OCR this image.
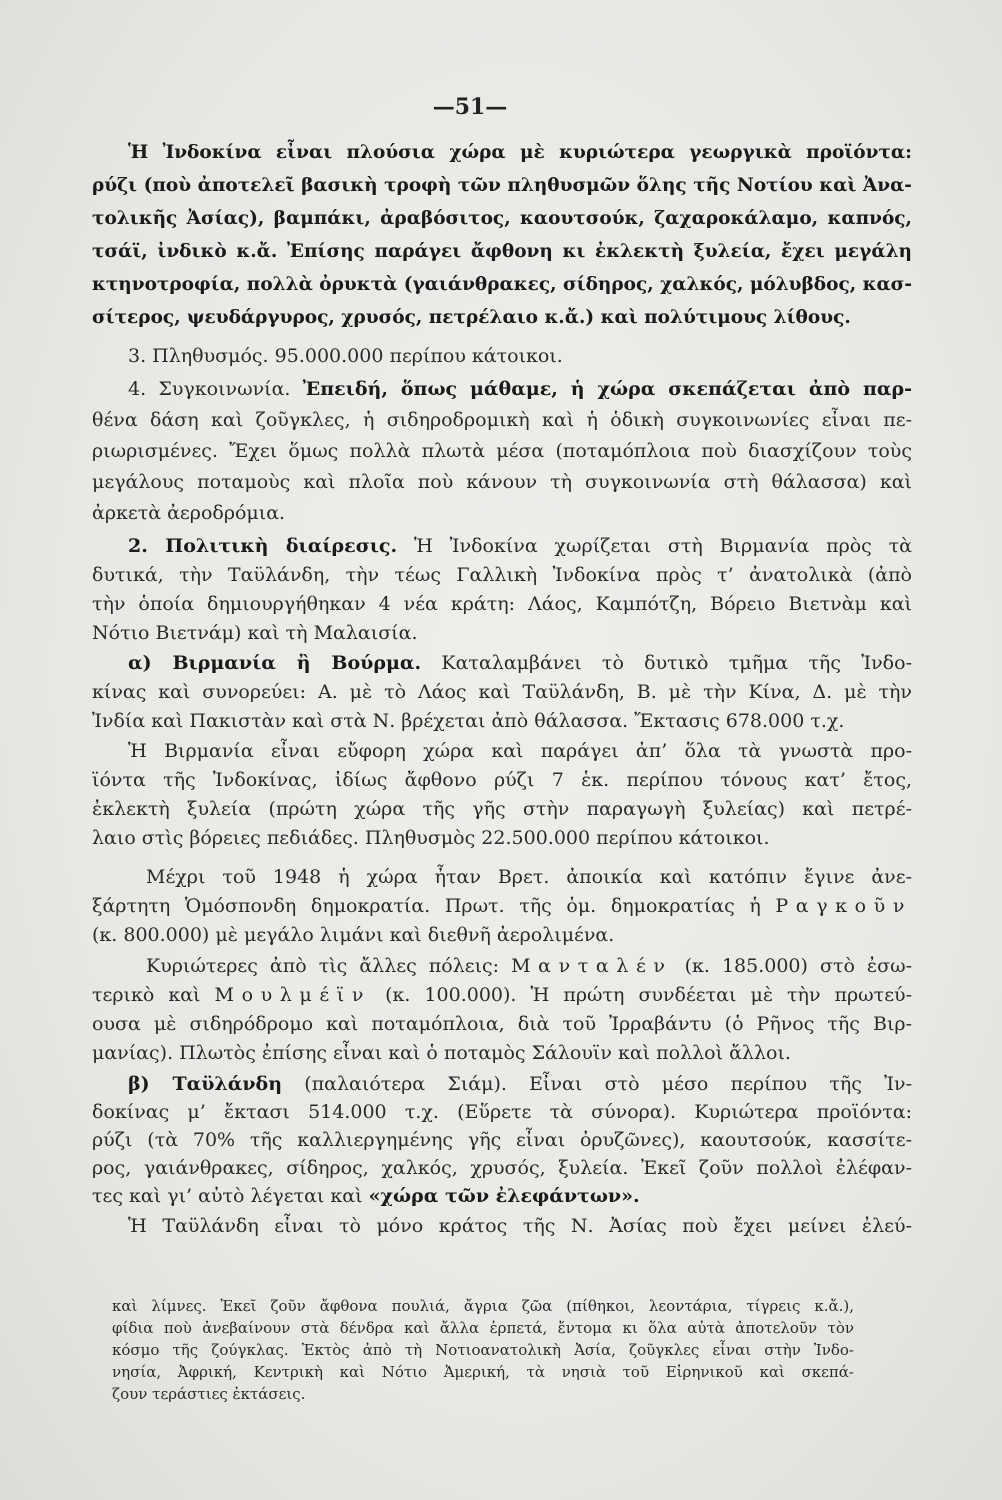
—51—
Ἡ Ἰνδοκίνα εἶναι πλούσια χώρα μὲ κυριώτερα γεωργικὰ προϊόντα:
ρύζι (ποὺ ἀποτελεῖ βασικὴ τροφὴ τῶν πληθυσμῶν ὅλης τῆς Νοτίου καὶ Ἀνα-
τολικῆς Ἀσίας), βαμπάκι, ἀραβόσιτος, καουτσούκ, ζαχαροκάλαμο, καπνός,
τσάϊ, ἰνδικὸ κ.ἄ. Ἐπίσης παράγει ἄφθονη κι ἐκλεκτὴ ξυλεία, ἔχει μεγάλη
κτηνοτροφία, πολλὰ ὀρυκτὰ (γαιάνθρακες, σίδηρος, χαλκός, μόλυβδος, κασ-
σίτερος, ψευδάργυρος, χρυσός, πετρέλαιο κ.ἄ.) καὶ πολύτιμους λίθους.
3. Πληθυσμός. 95.000.000 περίπου κάτοικοι.
4. Συγκοινωνία. Ἐπειδή, ὅπως μάθαμε, ἡ χώρα σκεπάζεται ἀπὸ παρ-
θένα δάση καὶ ζοῦγκλες, ἡ σιδηροδρομικὴ καὶ ἡ ὁδικὴ συγκοινωνίες εἶναι πε-
ριωρισμένες. Ἔχει ὅμως πολλὰ πλωτὰ μέσα (ποταμόπλοια ποὺ διασχίζουν τοὺς
μεγάλους ποταμοὺς καὶ πλοῖα ποὺ κάνουν τὴ συγκοινωνία στὴ θάλασσα) καὶ
ἀρκετὰ ἀεροδρόμια.
2. Πολιτικὴ διαίρεσις. Ἡ Ἰνδοκίνα χωρίζεται στὴ Βιρμανία πρὸς τὰ
δυτικά, τὴν Ταϋλάνδη, τὴν τέως Γαλλικὴ Ἰνδοκίνα πρὸς τ’ ἀνατολικὰ (ἀπὸ
τὴν ὁποία δημιουργήθηκαν 4 νέα κράτη: Λάος, Καμπότζη, Βόρειο Βιετνὰμ καὶ
Νότιο Βιετνάμ) καὶ τὴ Μαλαισία.
α) Βιρμανία ἢ Βούρμα. Καταλαμβάνει τὸ δυτικὸ τμῆμα τῆς Ἰνδο-
κίνας καὶ συνορεύει: Α. μὲ τὸ Λάος καὶ Ταϋλάνδη, Β. μὲ τὴν Κίνα, Δ. μὲ τὴν
Ἰνδία καὶ Πακιστὰν καὶ στὰ Ν. βρέχεται ἀπὸ θάλασσα. Ἔκτασις 678.000 τ.χ.
Ἡ Βιρμανία εἶναι εὔφορη χώρα καὶ παράγει ἀπ’ ὅλα τὰ γνωστὰ προ-
ϊόντα τῆς Ἰνδοκίνας, ἰδίως ἄφθονο ρύζι 7 ἑκ. περίπου τόνους κατ’ ἔτος,
ἐκλεκτὴ ξυλεία (πρώτη χώρα τῆς γῆς στὴν παραγωγὴ ξυλείας) καὶ πετρέ-
λαιο στὶς βόρειες πεδιάδες. Πληθυσμὸς 22.500.000 περίπου κάτοικοι.
Μέχρι τοῦ 1948 ἡ χώρα ἦταν Βρετ. ἀποικία καὶ κατόπιν ἔγινε ἀνε-
ξάρτητη Ὁμόσπονδη δημοκρατία. Πρωτ. τῆς ὁμ. δημοκρατίας ἡ Ραγκοῦν
(κ. 800.000) μὲ μεγάλο λιμάνι καὶ διεθνῆ ἀερολιμένα.
Κυριώτερες ἀπὸ τὶς ἄλλες πόλεις: Μανταλέν (κ. 185.000) στὸ ἐσω-
τερικὸ καὶ Μουλμέϊν (κ. 100.000). Ἡ πρώτη συνδέεται μὲ τὴν πρωτεύ-
ουσα μὲ σιδηρόδρομο καὶ ποταμόπλοια, διὰ τοῦ Ἰρραβάντυ (ὁ Ρῆνος τῆς Βιρ-
μανίας). Πλωτὸς ἐπίσης εἶναι καὶ ὁ ποταμὸς Σάλουϊν καὶ πολλοὶ ἄλλοι.
β) Ταϋλάνδη (παλαιότερα Σιάμ). Εἶναι στὸ μέσο περίπου τῆς Ἰν-
δοκίνας μ’ ἔκτασι 514.000 τ.χ. (Εὕρετε τὰ σύνορα). Κυριώτερα προϊόντα:
ρύζι (τὰ 70% τῆς καλλιεργημένης γῆς εἶναι ὀρυζῶνες), καουτσούκ, κασσίτε-
ρος, γαιάνθρακες, σίδηρος, χαλκός, χρυσός, ξυλεία. Ἐκεῖ ζοῦν πολλοὶ ἐλέφαν-
τες καὶ γι’ αὐτὸ λέγεται καὶ «χώρα τῶν ἐλεφάντων».
Ἡ Ταϋλάνδη εἶναι τὸ μόνο κράτος τῆς Ν. Ἀσίας ποὺ ἔχει μείνει ἐλεύ-
καὶ λίμνες. Ἐκεῖ ζοῦν ἄφθονα πουλιά, ἄγρια ζῶα (πίθηκοι, λεοντάρια, τίγρεις κ.ἄ.),
φίδια ποὺ ἀνεβαίνουν στὰ δένδρα καὶ ἄλλα ἑρπετά, ἔντομα κι ὅλα αὐτὰ ἀποτελοῦν τὸν
κόσμο τῆς ζούγκλας. Ἐκτὸς ἀπὸ τὴ Νοτιοανατολικὴ Ἀσία, ζοῦγκλες εἶναι στὴν Ἰνδο-
νησία, Ἀφρική, Κεντρικὴ καὶ Νότιο Ἀμερική, τὰ νησιὰ τοῦ Εἰρηνικοῦ καὶ σκεπά-
ζουν τεράστιες ἐκτάσεις.
